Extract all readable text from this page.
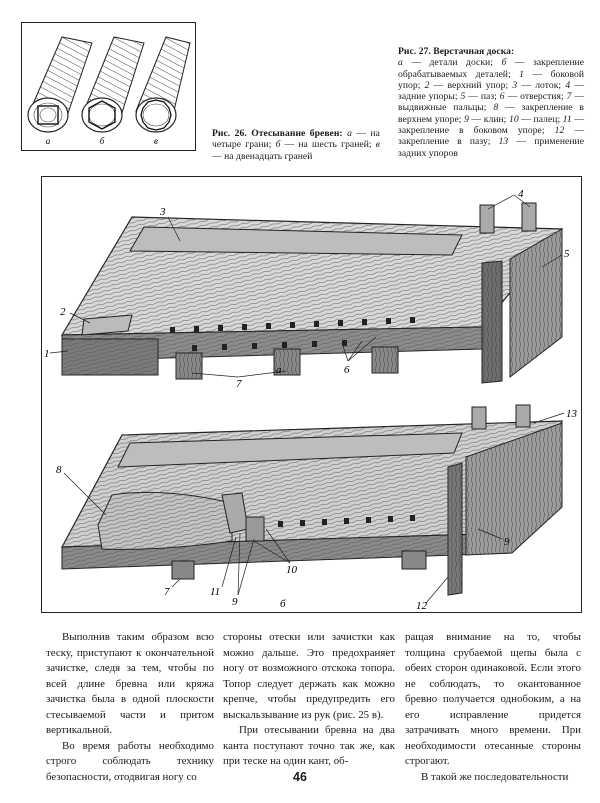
а	б	в
Рис. 26. Отесывание бревен: а — на четыре грани; б — на шесть граней; в — на двенадцать граней
Рис. 27. Верстачная доска:
а — детали доски; б — закрепление обрабатываемых деталей; 1 — боковой упор; 2 — верхний упор; 3 — лоток; 4 — задние упоры; 5 — паз; 6 — отверстия; 7 — выдвижные пальцы; 8 — закрепление в верхнем упоре; 9 — клин; 10 — палец; 11 — закрепление в боковом упоре; 12 — закрепление в пазу; 13 — применение задних упоров
1
2
3
4
5
6
7
а
8
11
9
10
9
13
12
7
б

Выполнив таким образом всю теску, приступают к окончательной зачистке, следя за тем, чтобы по всей длине бревна или кряжа зачистка была в одной плоскости стесываемой части и притом вертикальной.

Во время работы необходимо строго соблюдать технику безопасности, отодвигая ногу со

стороны отески или зачистки как можно дальше. Это предохраняет ногу от возможного отскока топора. Топор следует держать как можно крепче, чтобы предупредить его выскальзывание из рук (рис. 25 в).

При отесывании бревна на два канта поступают точно так же, как при теске на один кант, об-

ращая внимание на то, чтобы толщина срубаемой щепы была с обеих сторон одинаковой. Если этого не соблюдать, то окантованное бревно получается однобоким, а на его исправление придется затрачивать много времени. При необходимости отесанные стороны строгают.

В такой же последовательности

46
